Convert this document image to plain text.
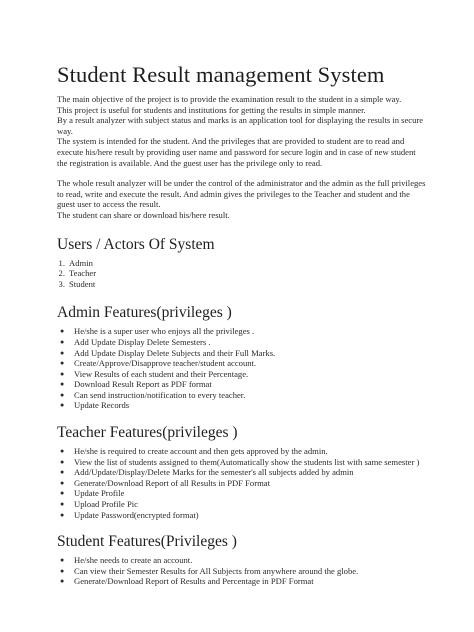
Student Result management System

The main objective of the project is to provide the examination result to the student in a simple way.

This project is useful for students and institutions for getting the results in simple manner.

By a result analyzer with subject status and marks is an application tool for displaying the results in secure way.

The system is intended for the student. And the privileges that are provided to student are to read and execute his/here result by providing user name and password for secure login and in case of new student the registration is available. And the guest user has the privilege only to read.

The whole result analyzer will be under the control of the administrator and the admin as the full privileges to read, write and execute the result. And admin gives the privileges to the Teacher and student and the guest user to access the result.

The student can share or download his/here result.

Users / Actors Of System
1. Admin
2. Teacher
3. Student
Admin Features(privileges )
● He/she is a super user who enjoys all the privileges .
● Add Update Display Delete Semesters .
● Add Update Display Delete Subjects and their Full Marks.
● Create/Approve/Disapprove teacher/student account.
● View Results of each student and their Percentage.
● Download Result Report as PDF format
● Can send instruction/notification to every teacher.
● Update Records
Teacher Features(privileges )
● He/she is required to create account and then gets approved by the admin.
● View the list of students assigned to them(Automatically show the students list with same semester )
● Add/Update/Display/Delete Marks for the semester's all subjects added by admin
● Generate/Download Report of all Results in PDF Format
● Update Profile
● Upload Profile Pic
● Update Password(encrypted format)
Student Features(Privileges )
● He/she needs to create an account.
● Can view their Semester Results for All Subjects from anywhere around the globe.
● Generate/Download Report of Results and Percentage in PDF Format
